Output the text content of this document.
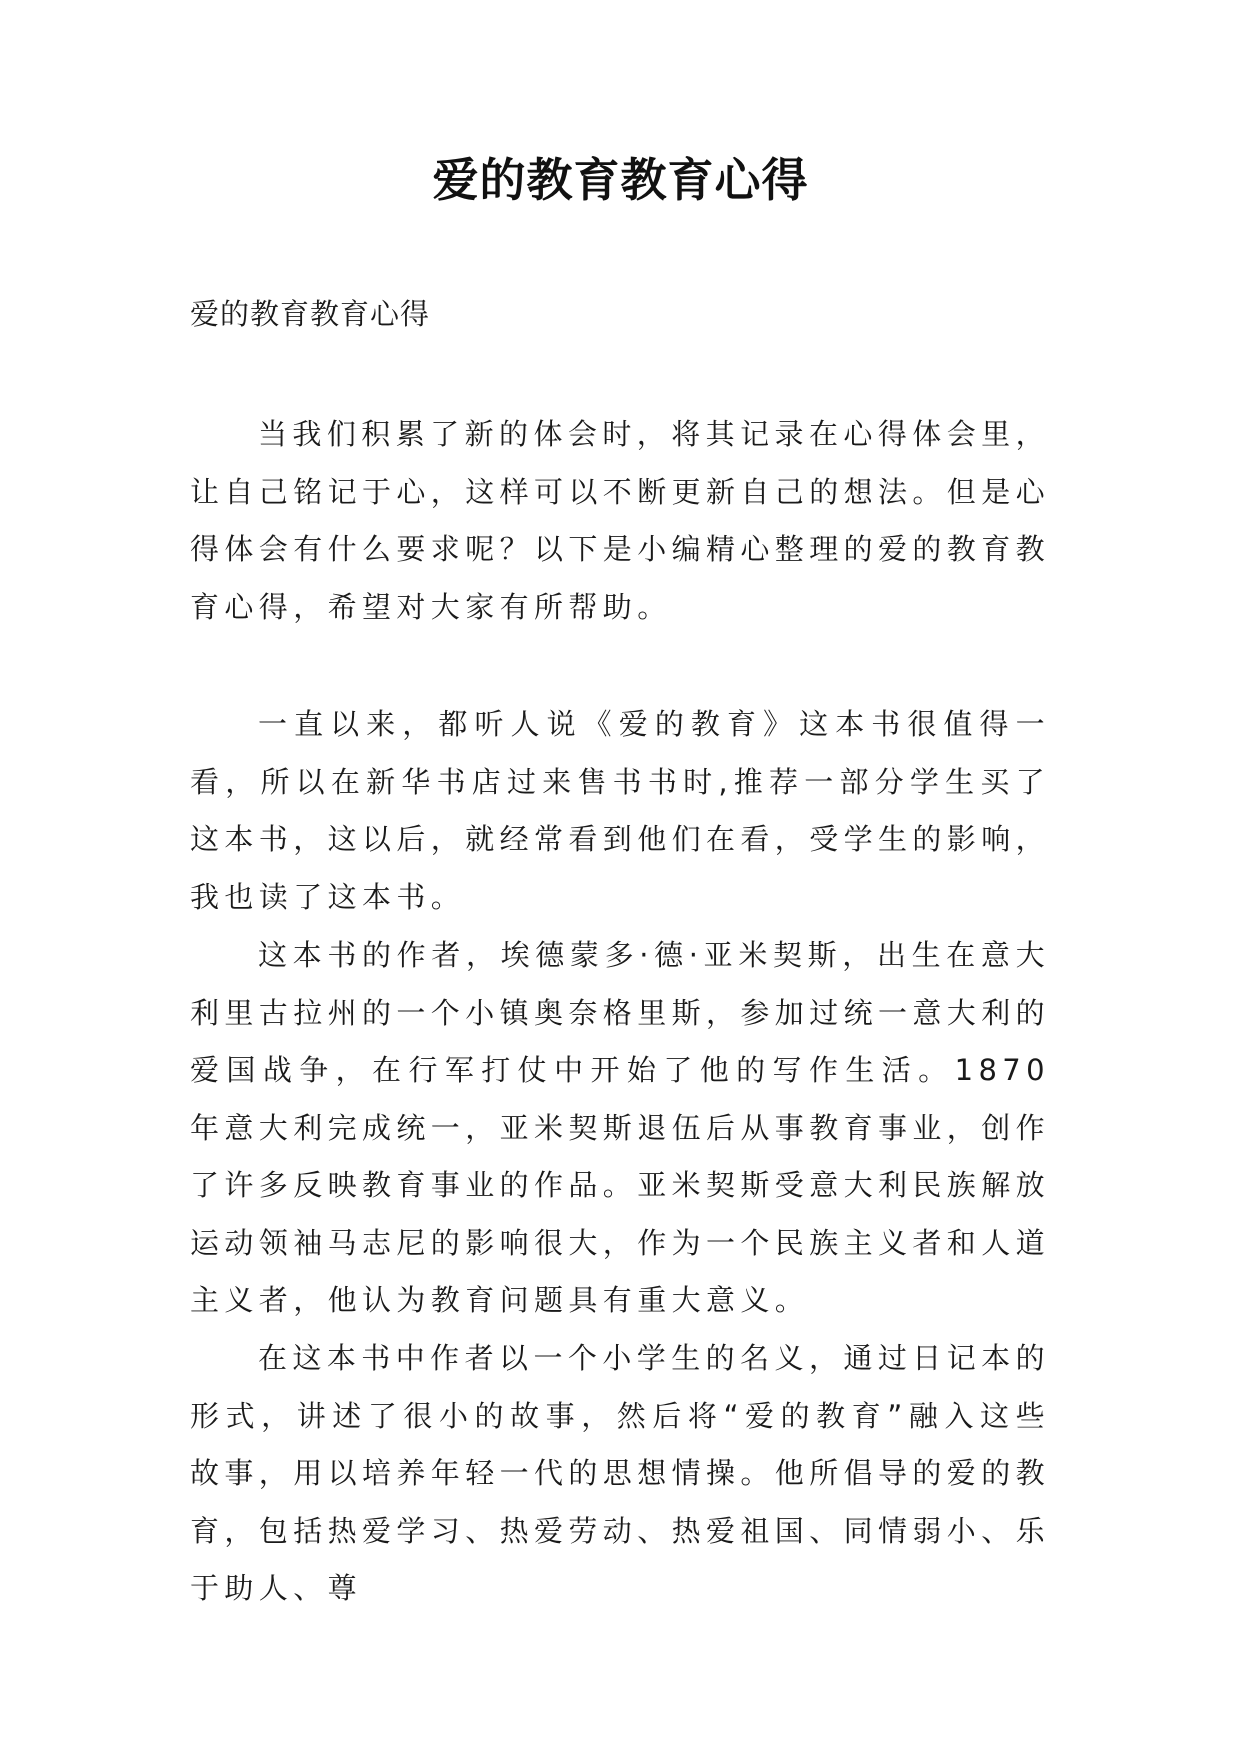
爱的教育教育心得

爱的教育教育心得

当我们积累了新的体会时，将其记录在心得体会里，让自己铭记于心，这样可以不断更新自己的想法。但是心得体会有什么要求呢？以下是小编精心整理的爱的教育教育心得，希望对大家有所帮助。

一直以来，都听人说《爱的教育》这本书很值得一看，所以在新华书店过来售书书时,推荐一部分学生买了这本书，这以后，就经常看到他们在看，受学生的影响，我也读了这本书。

这本书的作者，埃德蒙多·德·亚米契斯，出生在意大利里古拉州的一个小镇奥奈格里斯，参加过统一意大利的爱国战争，在行军打仗中开始了他的写作生活。1870 年意大利完成统一，亚米契斯退伍后从事教育事业，创作了许多反映教育事业的作品。亚米契斯受意大利民族解放运动领袖马志尼的影响很大，作为一个民族主义者和人道主义者，他认为教育问题具有重大意义。

在这本书中作者以一个小学生的名义，通过日记本的形式，讲述了很小的故事，然后将“爱的教育”融入这些故事，用以培养年轻一代的思想情操。他所倡导的爱的教育，包括热爱学习、热爱劳动、热爱祖国、同情弱小、乐于助人、尊
